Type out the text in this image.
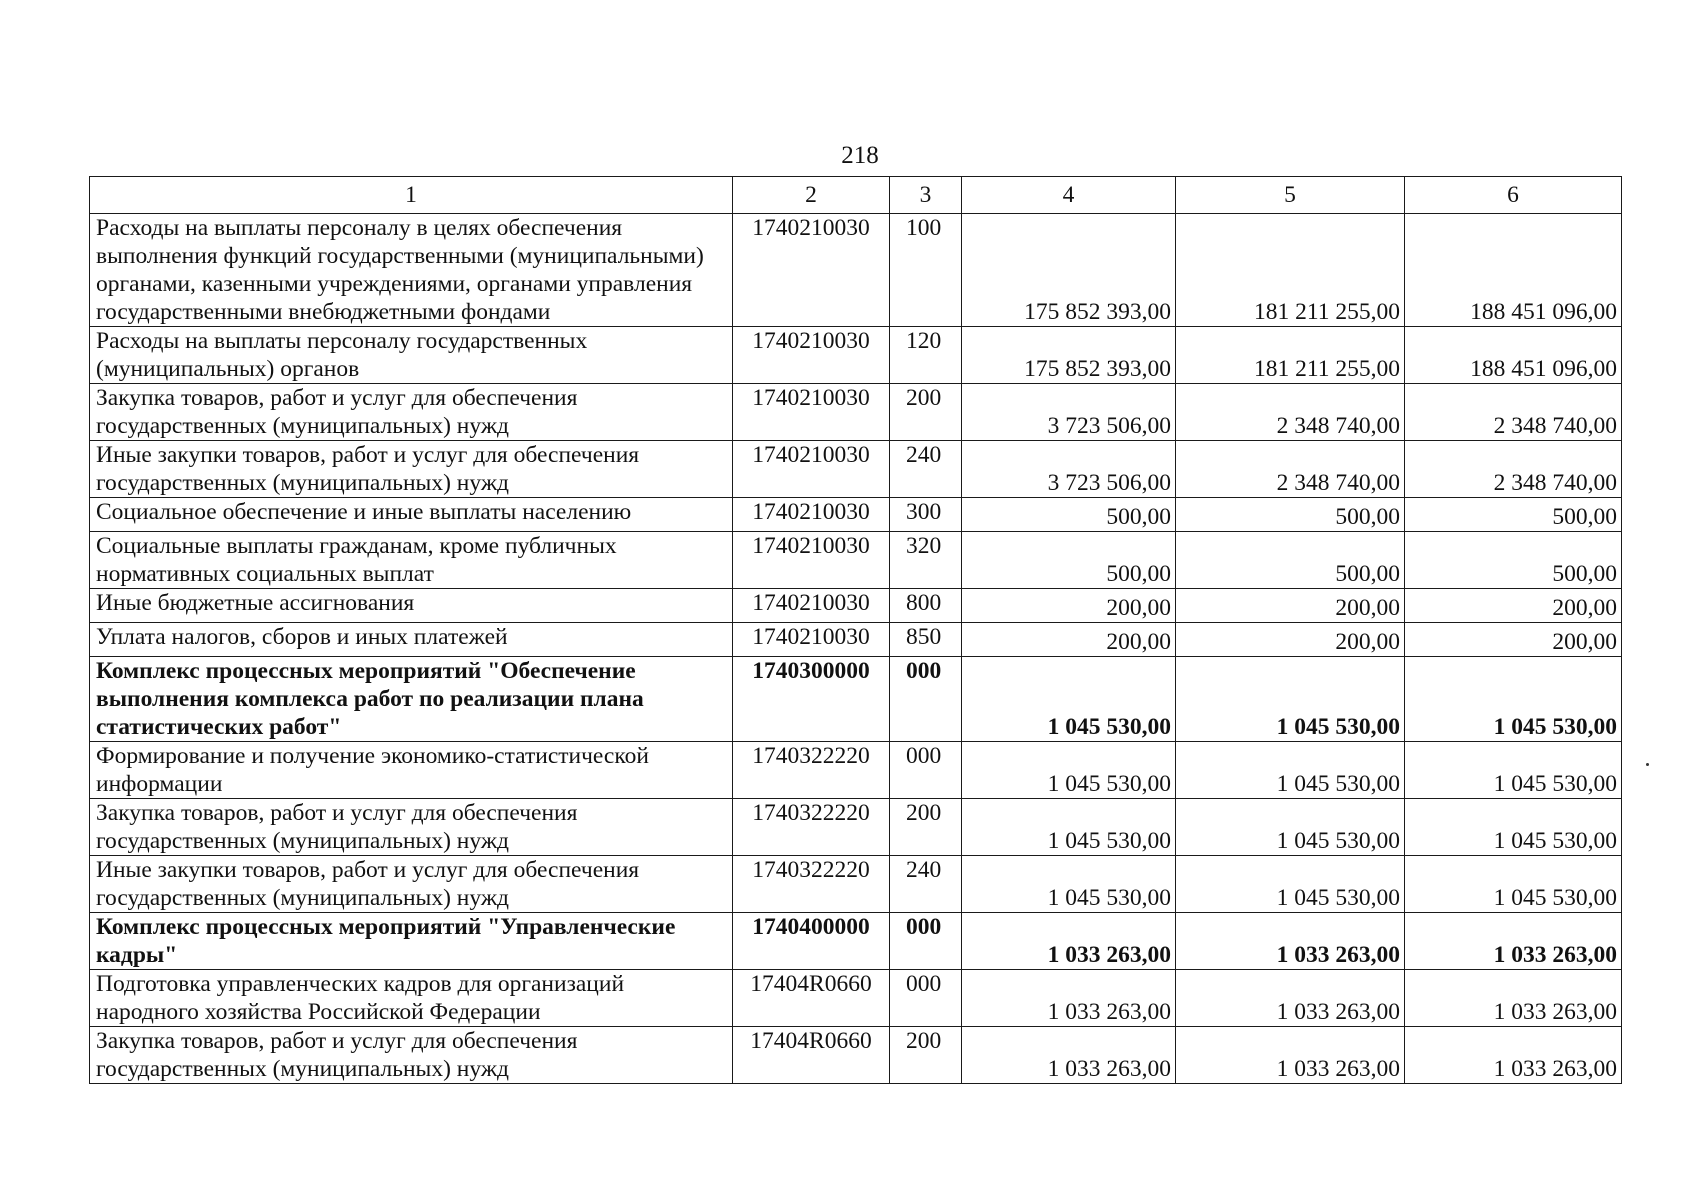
218
1	2	3	4	5	6
Расходы на выплаты персоналу в целях обеспечения выполнения функций государственными (муниципальными) органами, казенными учреждениями, органами управления государственными внебюджетными фондами	1740210030	100	175 852 393,00	181 211 255,00	188 451 096,00
Расходы на выплаты персоналу государственных (муниципальных) органов	1740210030	120	175 852 393,00	181 211 255,00	188 451 096,00
Закупка товаров, работ и услуг для обеспечения государственных (муниципальных) нужд	1740210030	200	3 723 506,00	2 348 740,00	2 348 740,00
Иные закупки товаров, работ и услуг для обеспечения государственных (муниципальных) нужд	1740210030	240	3 723 506,00	2 348 740,00	2 348 740,00
Социальное обеспечение и иные выплаты населению	1740210030	300	500,00	500,00	500,00
Социальные выплаты гражданам, кроме публичных нормативных социальных выплат	1740210030	320	500,00	500,00	500,00
Иные бюджетные ассигнования	1740210030	800	200,00	200,00	200,00
Уплата налогов, сборов и иных платежей	1740210030	850	200,00	200,00	200,00
Комплекс процессных мероприятий "Обеспечение выполнения комплекса работ по реализации плана статистических работ"	1740300000	000	1 045 530,00	1 045 530,00	1 045 530,00
Формирование и получение экономико-статистической информации	1740322220	000	1 045 530,00	1 045 530,00	1 045 530,00
Закупка товаров, работ и услуг для обеспечения государственных (муниципальных) нужд	1740322220	200	1 045 530,00	1 045 530,00	1 045 530,00
Иные закупки товаров, работ и услуг для обеспечения государственных (муниципальных) нужд	1740322220	240	1 045 530,00	1 045 530,00	1 045 530,00
Комплекс процессных мероприятий "Управленческие кадры"	1740400000	000	1 033 263,00	1 033 263,00	1 033 263,00
Подготовка управленческих кадров для организаций народного хозяйства Российской Федерации	17404R0660	000	1 033 263,00	1 033 263,00	1 033 263,00
Закупка товаров, работ и услуг для обеспечения государственных (муниципальных) нужд	17404R0660	200	1 033 263,00	1 033 263,00	1 033 263,00
